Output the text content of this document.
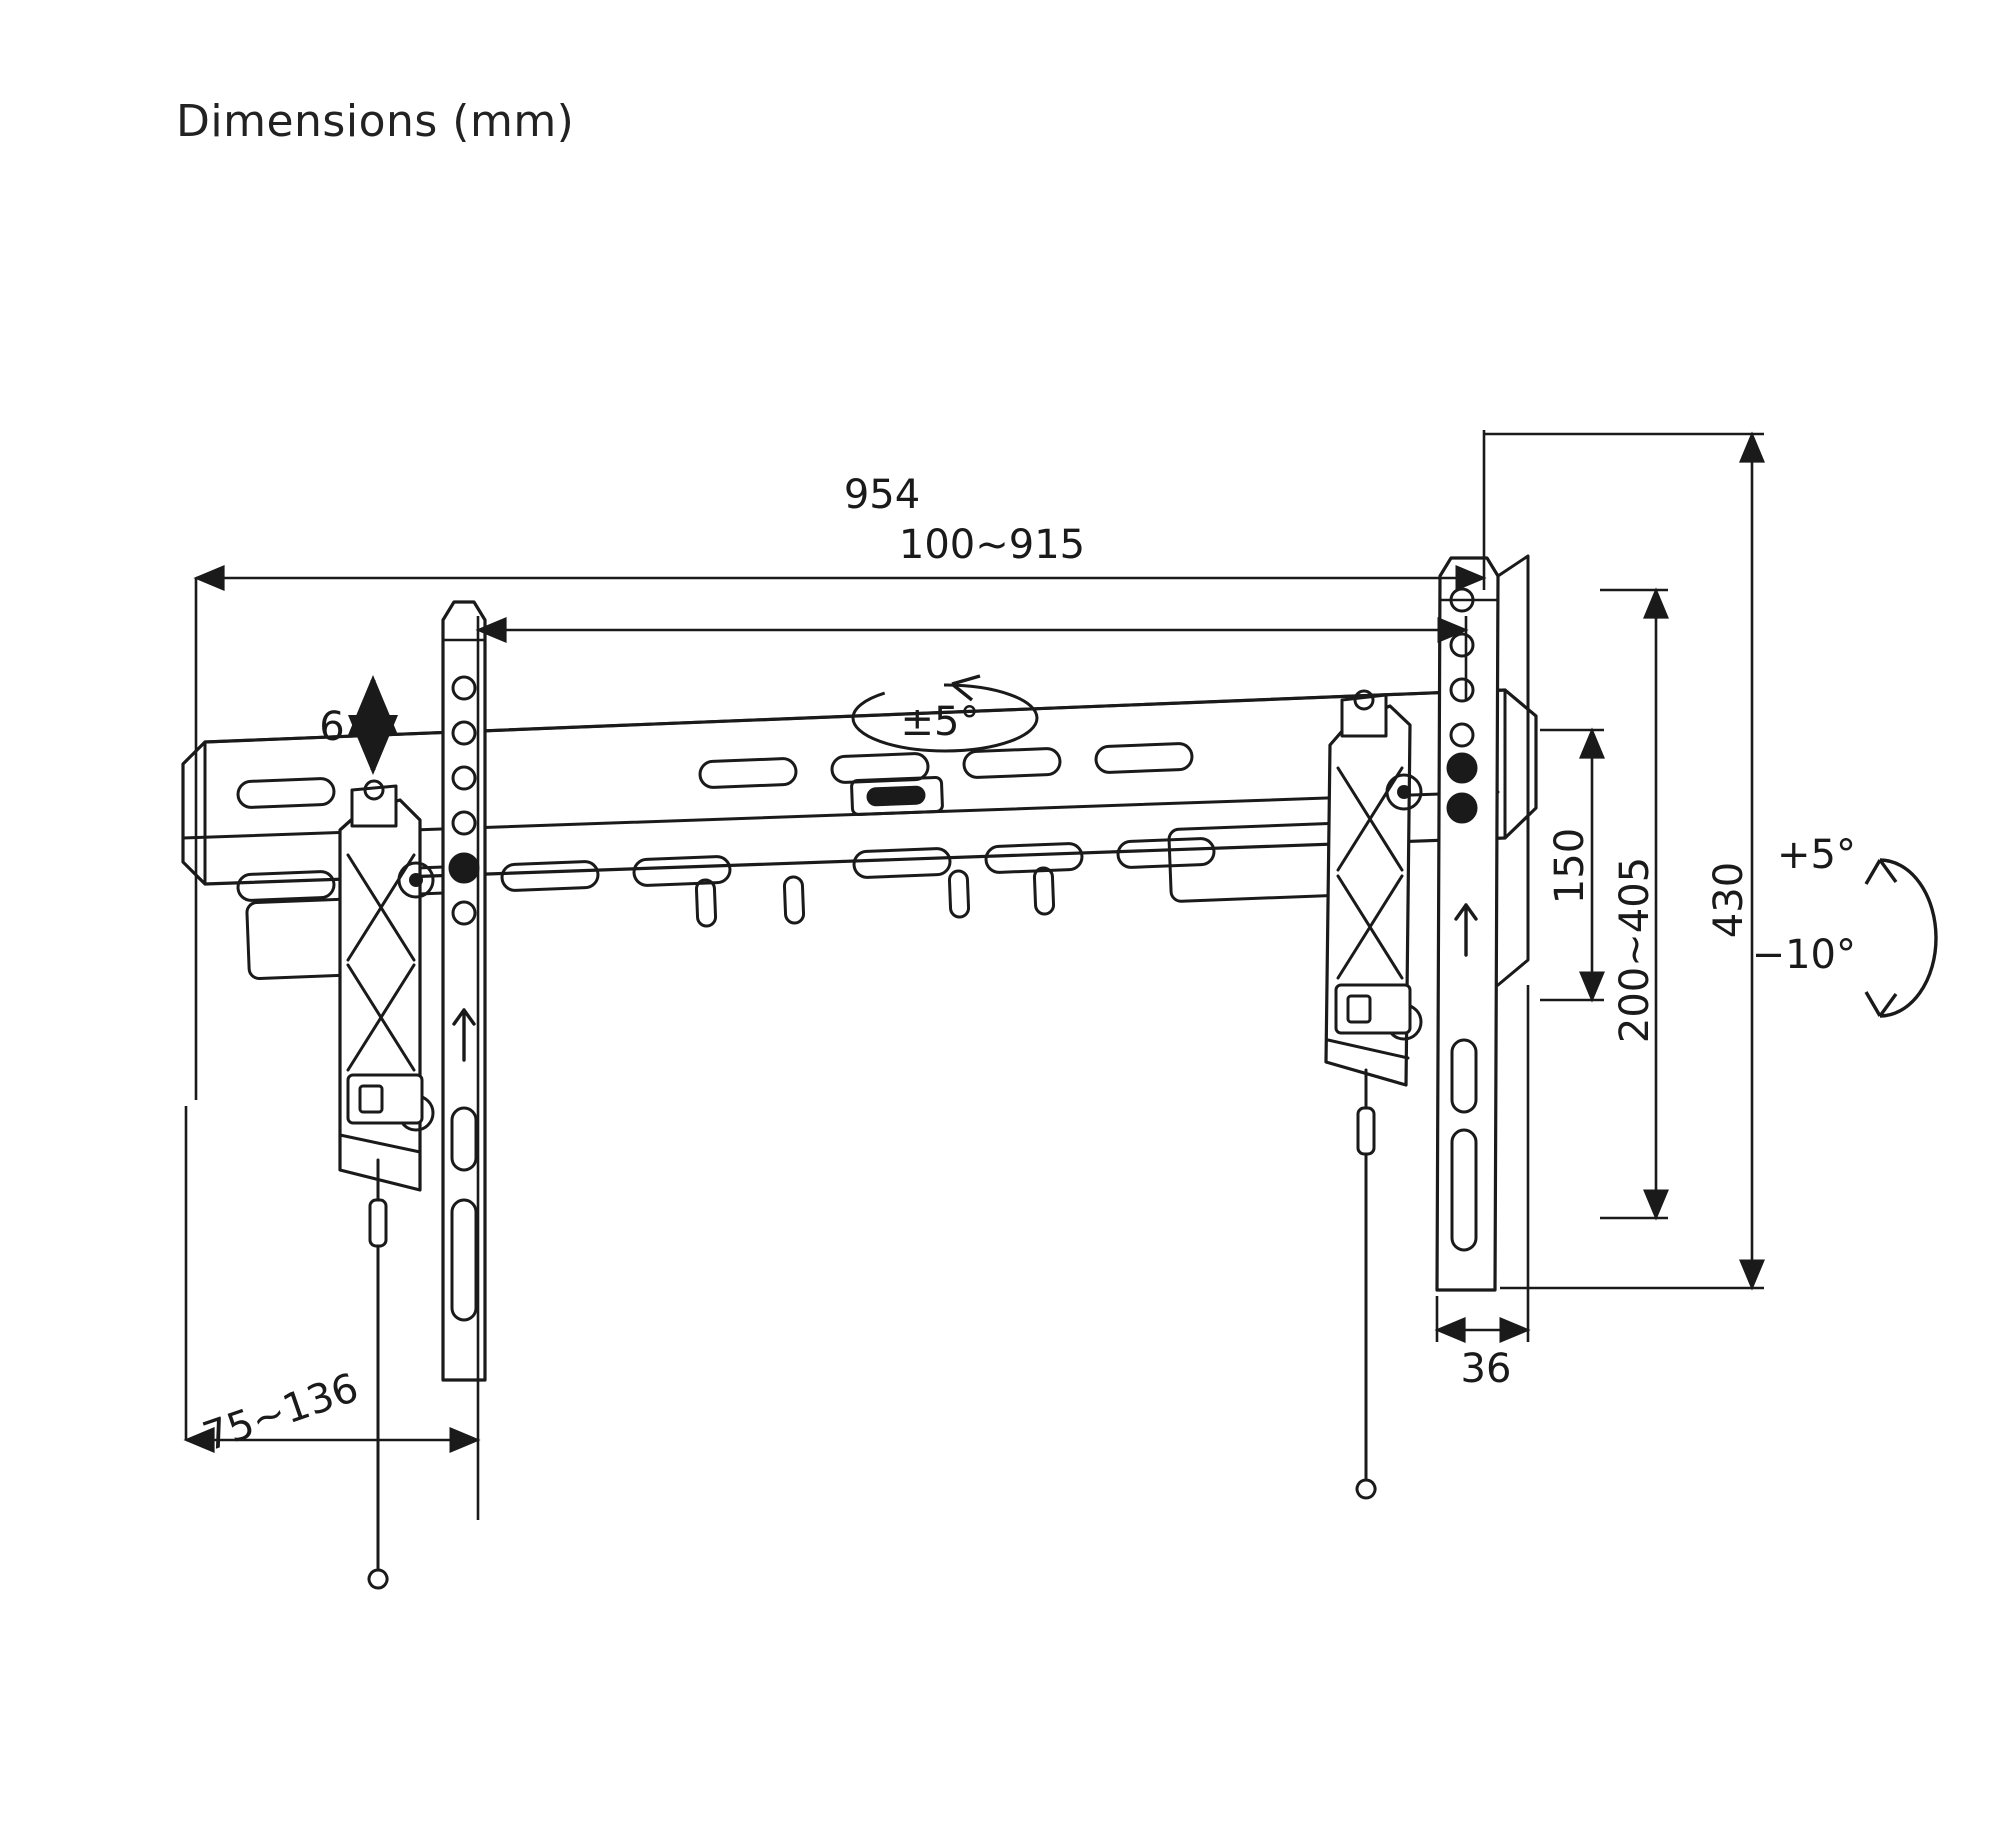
Dimensions (mm)
954
100~915
±5°
6
75~136
150 200~405 430
36
+5°
−10°
